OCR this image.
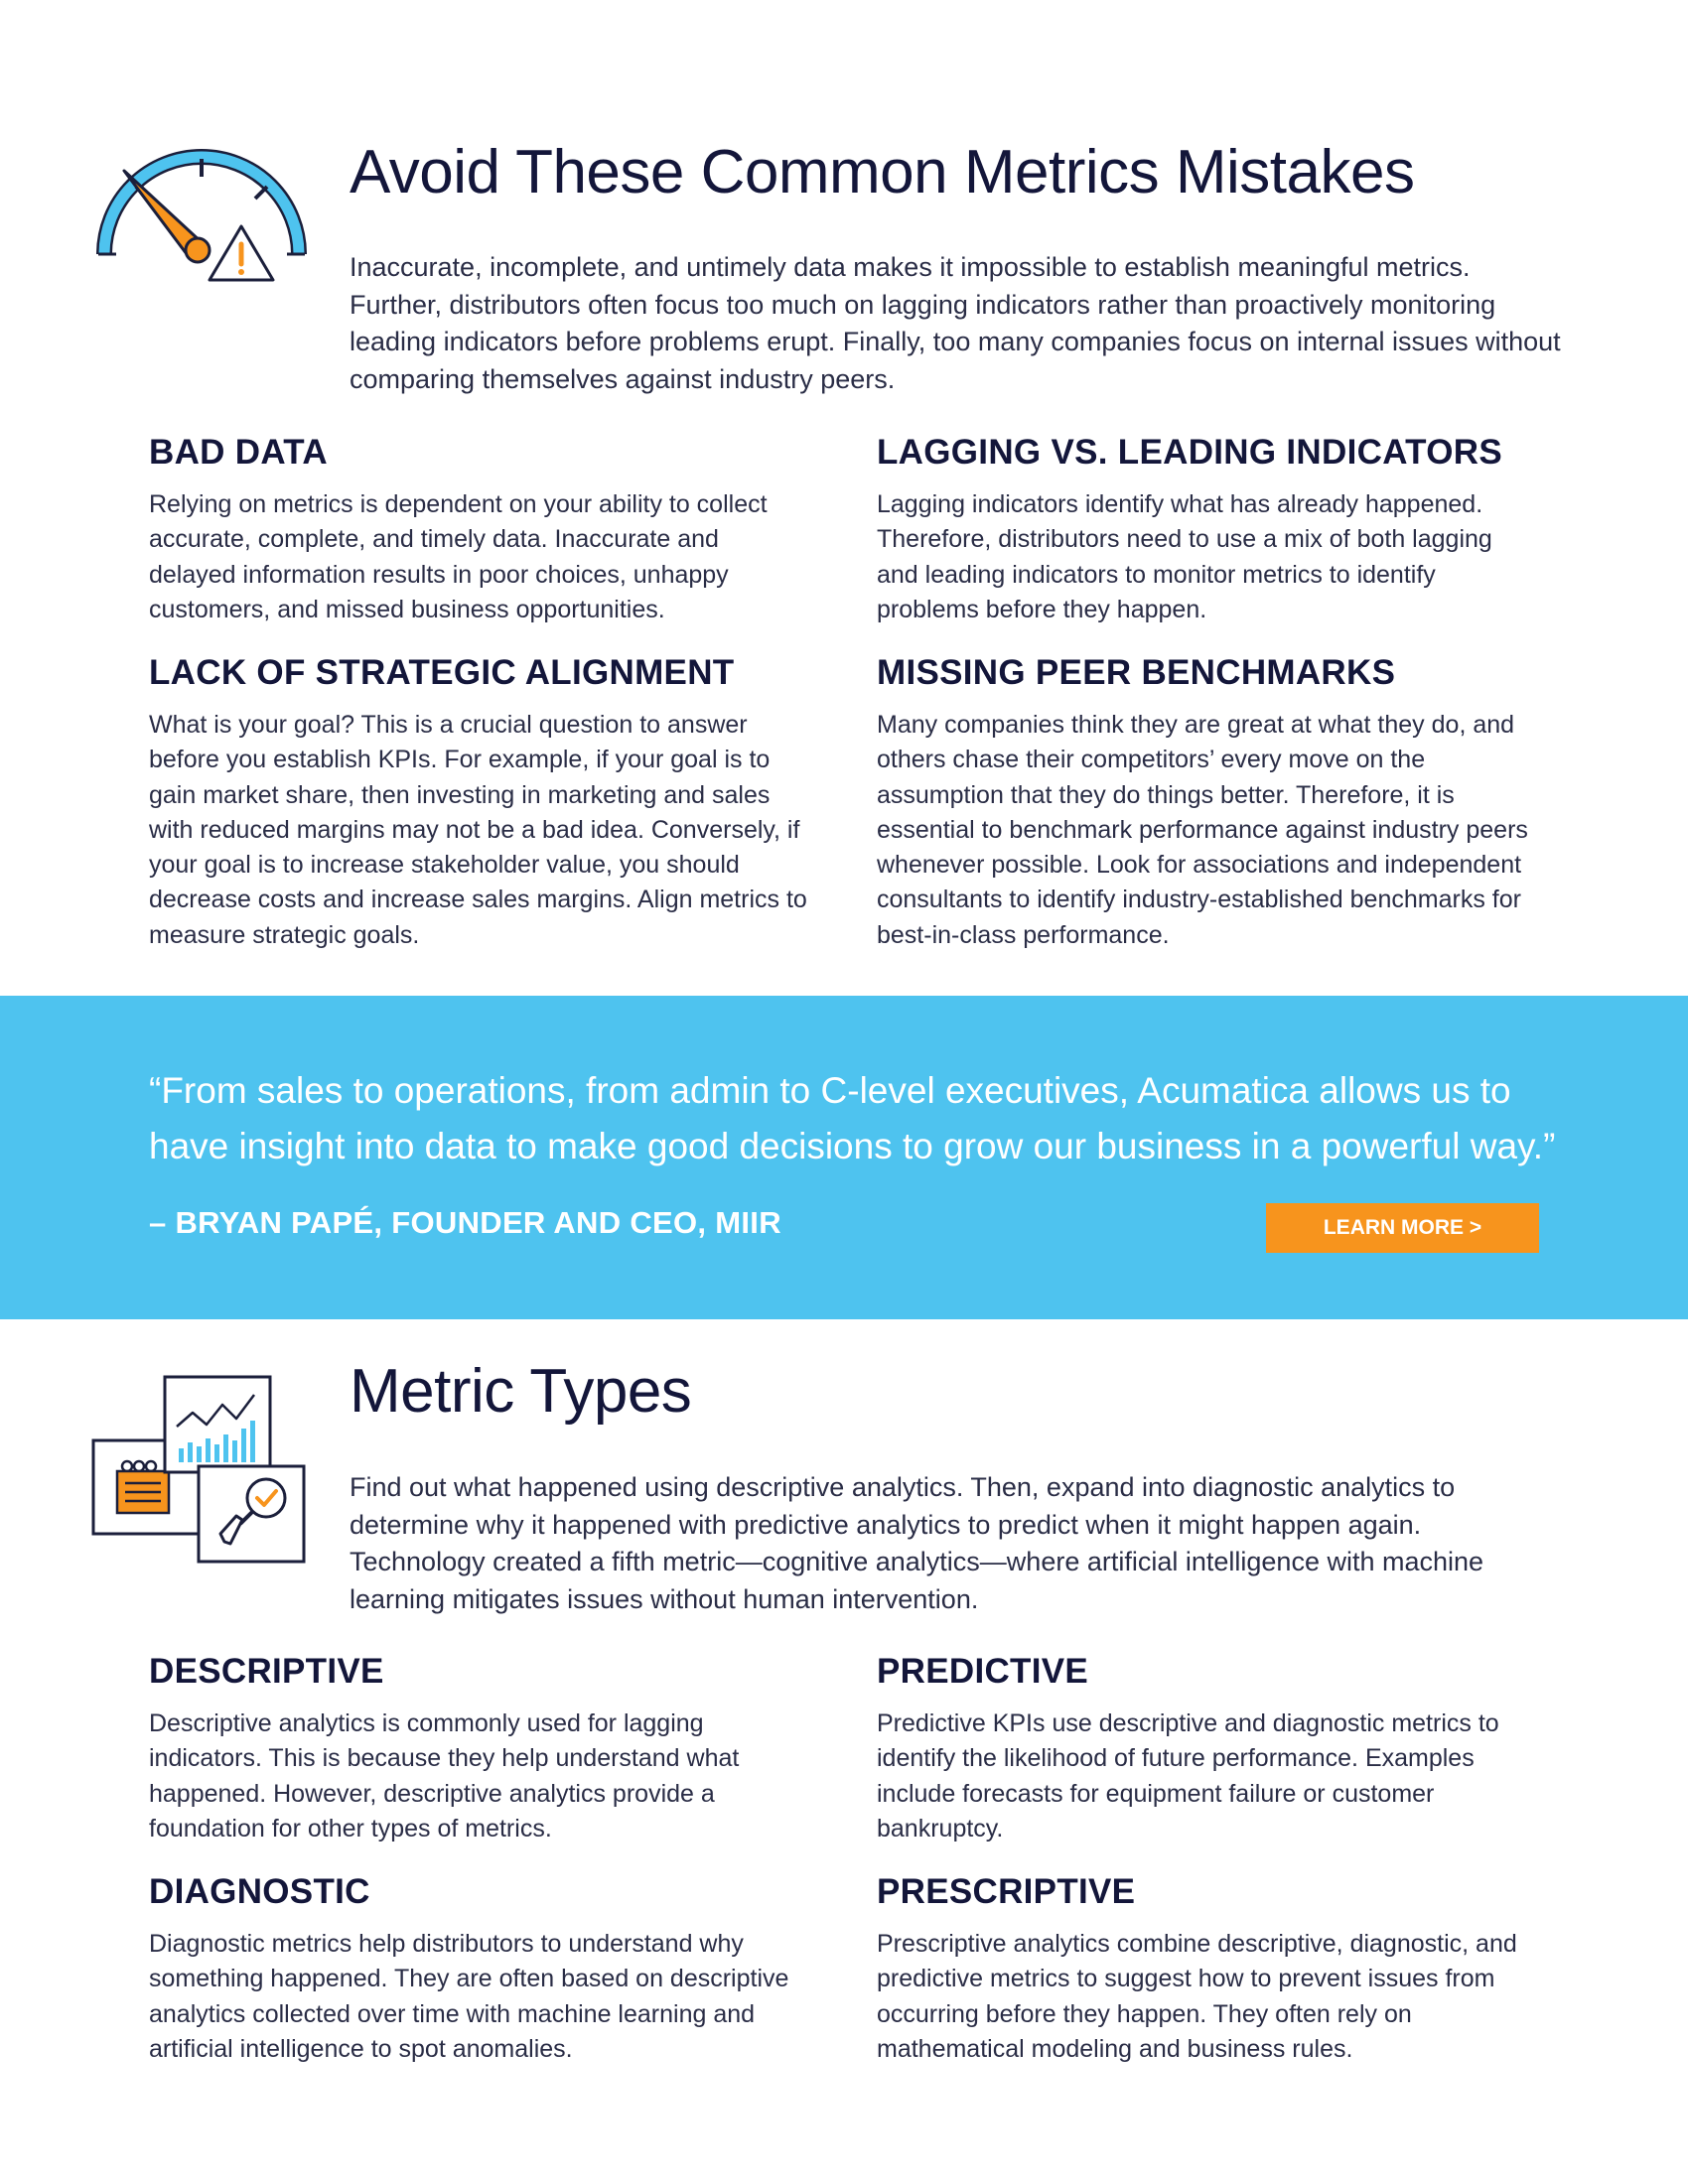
Avoid These Common Metrics Mistakes

Inaccurate, incomplete, and untimely data makes it impossible to establish meaningful metrics. Further, distributors often focus too much on lagging indicators rather than proactively monitoring leading indicators before problems erupt. Finally, too many companies focus on internal issues without comparing themselves against industry peers.

BAD DATA

Relying on metrics is dependent on your ability to collect accurate, complete, and timely data. Inaccurate and delayed information results in poor choices, unhappy customers, and missed business opportunities.

LAGGING VS. LEADING INDICATORS

Lagging indicators identify what has already happened. Therefore, distributors need to use a mix of both lagging and leading indicators to monitor metrics to identify problems before they happen.

LACK OF STRATEGIC ALIGNMENT

What is your goal? This is a crucial question to answer before you establish KPIs. For example, if your goal is to gain market share, then investing in marketing and sales with reduced margins may not be a bad idea. Conversely, if your goal is to increase stakeholder value, you should decrease costs and increase sales margins. Align metrics to measure strategic goals.

MISSING PEER BENCHMARKS

Many companies think they are great at what they do, and others chase their competitors’ every move on the assumption that they do things better. Therefore, it is essential to benchmark performance against industry peers whenever possible. Look for associations and independent consultants to identify industry-established benchmarks for best-in-class performance.

“From sales to operations, from admin to C-level executives, Acumatica allows us to have insight into data to make good decisions to grow our business in a powerful way.”

– BRYAN PAPÉ, FOUNDER AND CEO, MIIR	LEARN MORE >
Metric Types

Find out what happened using descriptive analytics. Then, expand into diagnostic analytics to determine why it happened with predictive analytics to predict when it might happen again. Technology created a fifth metric—cognitive analytics—where artificial intelligence with machine learning mitigates issues without human intervention.

DESCRIPTIVE

Descriptive analytics is commonly used for lagging indicators. This is because they help understand what happened. However, descriptive analytics provide a foundation for other types of metrics.

PREDICTIVE

Predictive KPIs use descriptive and diagnostic metrics to identify the likelihood of future performance. Examples include forecasts for equipment failure or customer bankruptcy.

DIAGNOSTIC

Diagnostic metrics help distributors to understand why something happened. They are often based on descriptive analytics collected over time with machine learning and artificial intelligence to spot anomalies.

PRESCRIPTIVE

Prescriptive analytics combine descriptive, diagnostic, and predictive metrics to suggest how to prevent issues from occurring before they happen. They often rely on mathematical modeling and business rules.
